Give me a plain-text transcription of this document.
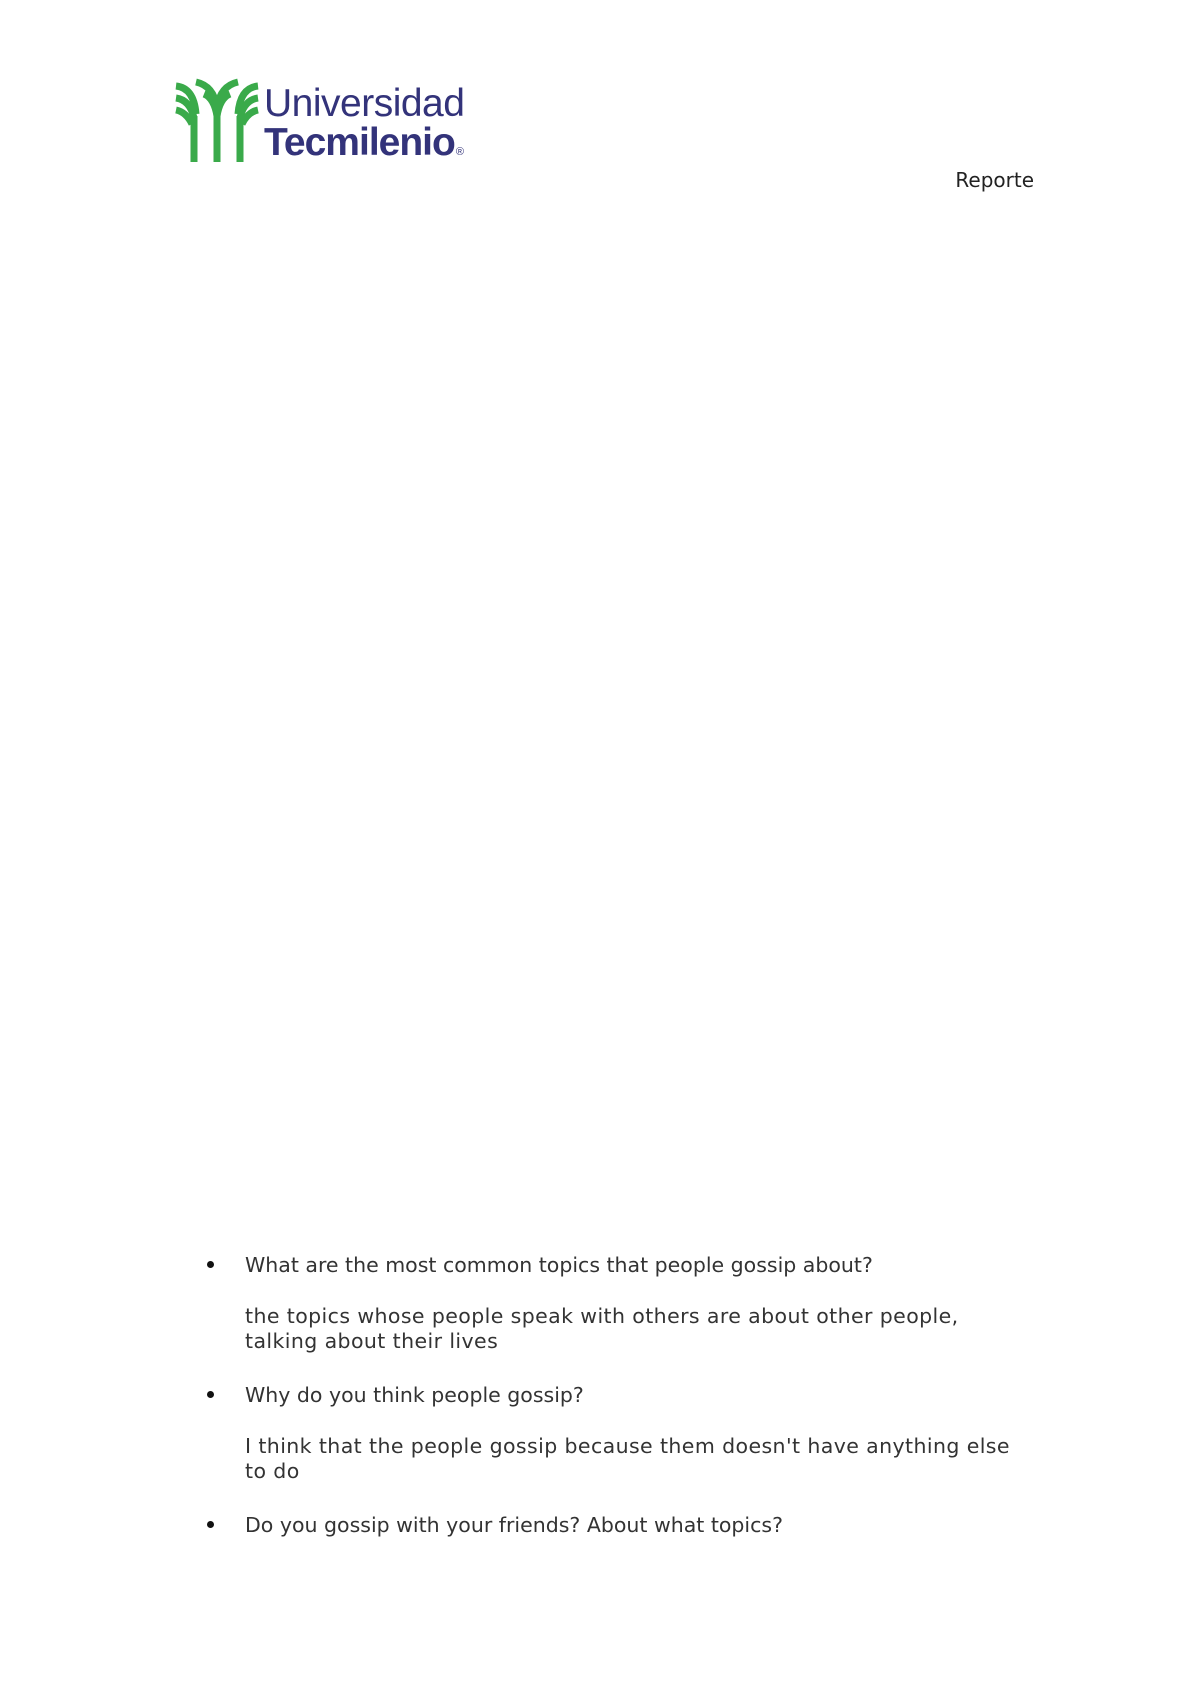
Universidad
Tecmilenio®
Reporte
What are the most common topics that people gossip about?
the topics whose people speak with others are about other people, talking about their lives
Why do you think people gossip?
I think that the people gossip because them doesn't have anything else to do
Do you gossip with your friends? About what topics?
